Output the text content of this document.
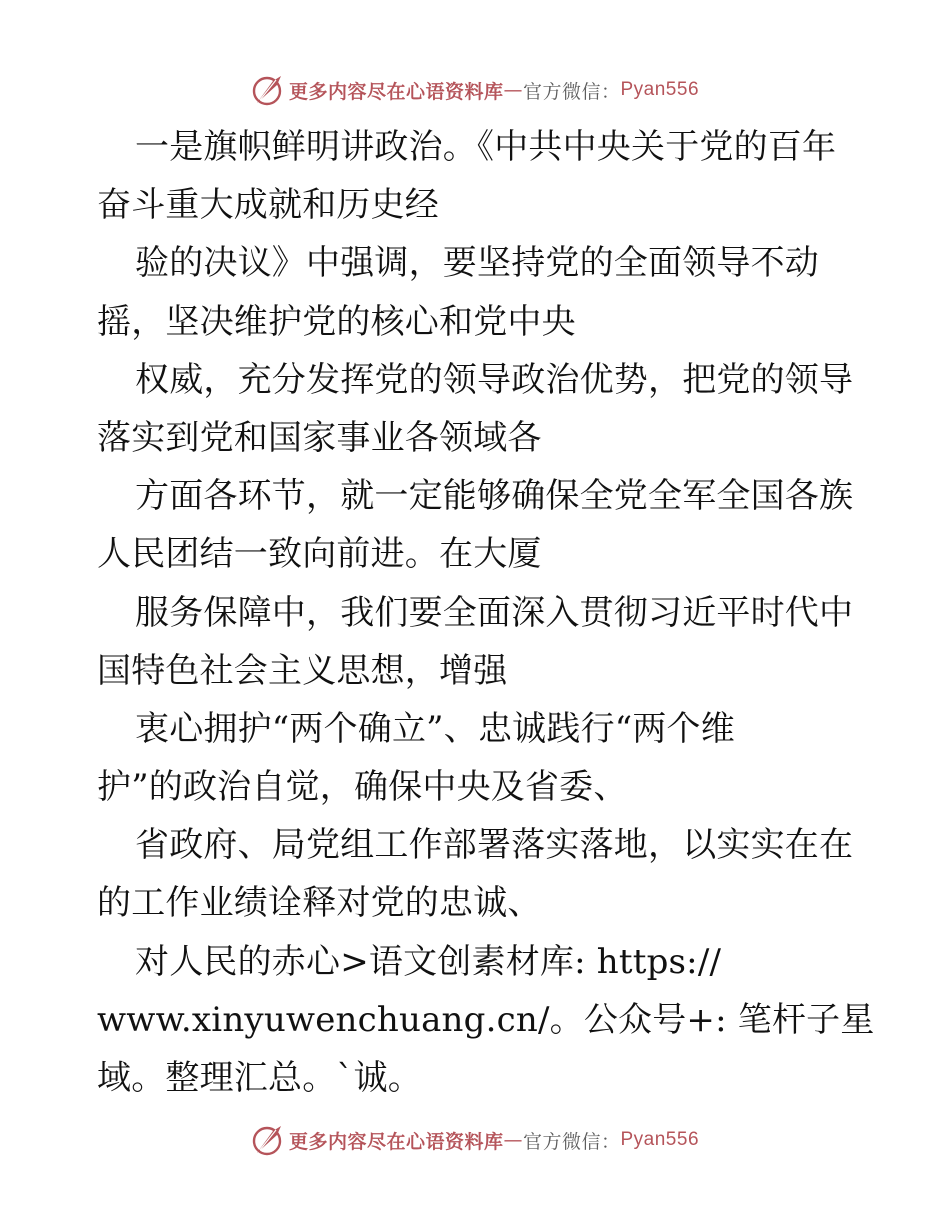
更多内容尽在心语资料库 — 官方微信： Pyan556
一是旗帜鲜明讲政治。《中共中央关于党的百年
奋斗重大成就和历史经
验的决议》中强调，要坚持党的全面领导不动
摇，坚决维护党的核心和党中央
权威，充分发挥党的领导政治优势，把党的领导
落实到党和国家事业各领域各
方面各环节，就一定能够确保全党全军全国各族
人民团结一致向前进。在大厦
服务保障中，我们要全面深入贯彻习近平时代中
国特色社会主义思想，增强
衷心拥护“两个确立”、忠诚践行“两个维
护”的政治自觉，确保中央及省委、
省政府、局党组工作部署落实落地，以实实在在
的工作业绩诠释对党的忠诚、
对人民的赤心>语文创素材库: https://
www.xinyuwenchuang.cn/。公众号+: 笔杆子星
域。整理汇总。`诚。
更多内容尽在心语资料库 — 官方微信： Pyan556
